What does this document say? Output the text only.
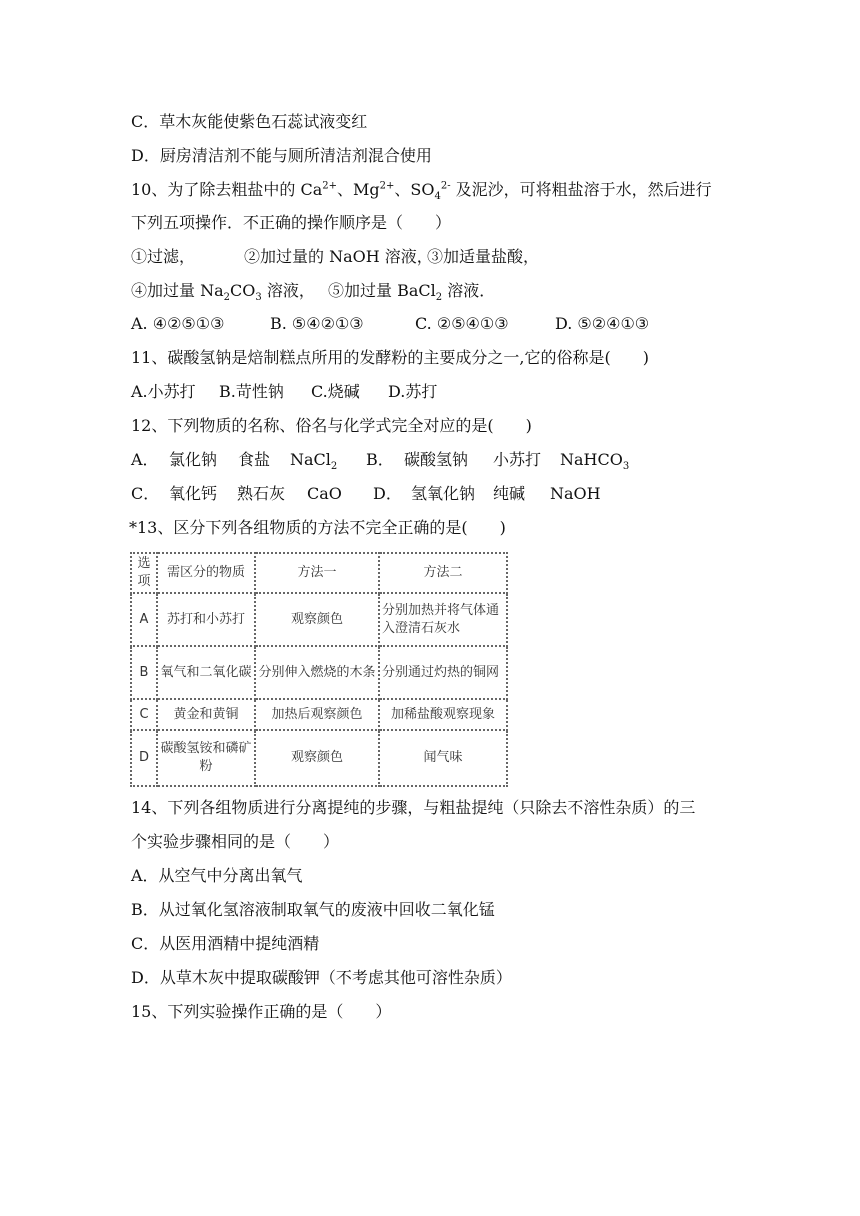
C．草木灰能使紫色石蕊试液变红
D．厨房清洁剂不能与厕所清洁剂混合使用
10、为了除去粗盐中的 $Ca^{2+}$、$Mg^{2+}$、$SO_4^{2-}$ 及泥沙，可将粗盐溶于水，然后进行
下列五项操作．不正确的操作顺序是（　　）
①过滤，	②加过量的 NaOH 溶液，
③加适量盐酸，
④加过量 $Na_2CO_3$ 溶液， ⑤加过量 BaCl$_2$ 溶液．
A. ④②⑤①③	B. ⑤④②①③	C. ②⑤④①③	D. ⑤②④①③
11、碳酸氢钠是焙制糕点所用的发酵粉的主要成分之一,它的俗称是(　　)
A.小苏打 B.苛性钠 C.烧碱 D.苏打
12、下列物质的名称、俗名与化学式完全对应的是(　　)
A． 氯化钠 食盐 NaCl$_2$ B． 碳酸氢钠 小苏打 NaHCO$_3$
C． 氧化钙 熟石灰 CaO D． 氢氧化钠 纯碱 NaOH
*13、区分下列各组物质的方法不完全正确的是(　　)
选项	需区分的物质	方法一	方法二
A	苏打和小苏打	观察颜色	分别加热并将气体通入澄清石灰水
B	氧气和二氧化碳	分别伸入燃烧的木条	分别通过灼热的铜网
C	黄金和黄铜	加热后观察颜色	加稀盐酸观察现象
D	碳酸氢铵和磷矿粉	观察颜色	闻气味
14、下列各组物质进行分离提纯的步骤，与粗盐提纯（只除去不溶性杂质）的三
个实验步骤相同的是（　　）
A．从空气中分离出氧气
B．从过氧化氢溶液制取氧气的废液中回收二氧化锰
C．从医用酒精中提纯酒精
D．从草木灰中提取碳酸钾（不考虑其他可溶性杂质）
15、下列实验操作正确的是（　　）
